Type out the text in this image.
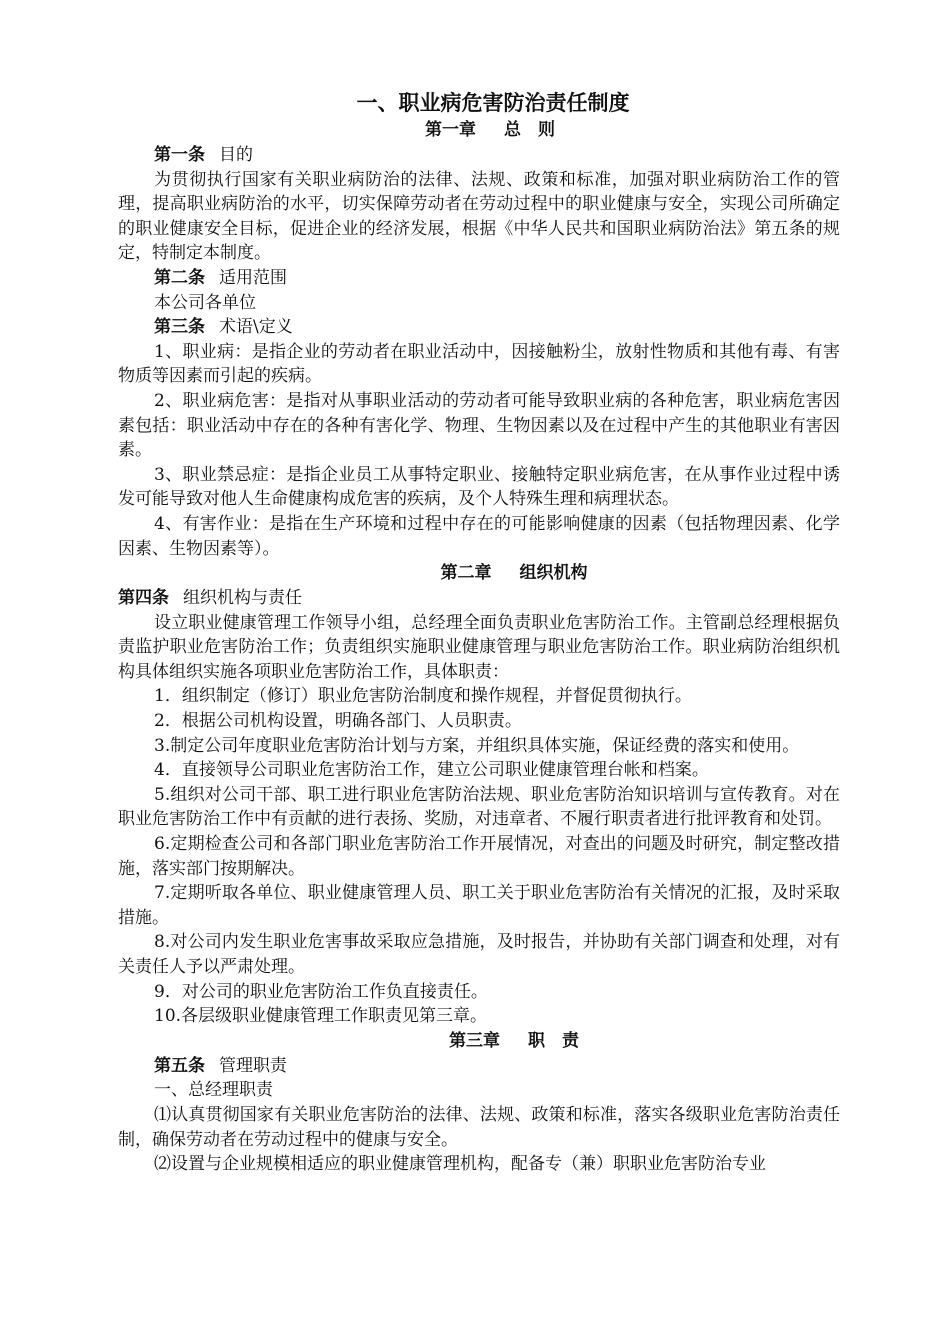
一、职业病危害防治责任制度
第一章 总　则

第一条 目的

为贯彻执行国家有关职业病防治的法律、法规、政策和标准，加强对职业病防治工作的管理，提高职业病防治的水平，切实保障劳动者在劳动过程中的职业健康与安全，实现公司所确定的职业健康安全目标，促进企业的经济发展，根据《中华人民共和国职业病防治法》第五条的规定，特制定本制度。

第二条 适用范围

本公司各单位

第三条 术语\定义

1、职业病：是指企业的劳动者在职业活动中，因接触粉尘，放射性物质和其他有毒、有害物质等因素而引起的疾病。

2、职业病危害：是指对从事职业活动的劳动者可能导致职业病的各种危害，职业病危害因素包括：职业活动中存在的各种有害化学、物理、生物因素以及在过程中产生的其他职业有害因素。

3、职业禁忌症：是指企业员工从事特定职业、接触特定职业病危害，在从事作业过程中诱发可能导致对他人生命健康构成危害的疾病，及个人特殊生理和病理状态。

4、有害作业：是指在生产环境和过程中存在的可能影响健康的因素（包括物理因素、化学因素、生物因素等）。

第二章 组织机构

第四条 组织机构与责任

设立职业健康管理工作领导小组，总经理全面负责职业危害防治工作。主管副总经理根据负责监护职业危害防治工作；负责组织实施职业健康管理与职业危害防治工作。职业病防治组织机构具体组织实施各项职业危害防治工作，具体职责：

1．组织制定（修订）职业危害防治制度和操作规程，并督促贯彻执行。

2．根据公司机构设置，明确各部门、人员职责。

3.制定公司年度职业危害防治计划与方案，并组织具体实施，保证经费的落实和使用。

4．直接领导公司职业危害防治工作，建立公司职业健康管理台帐和档案。

5.组织对公司干部、职工进行职业危害防治法规、职业危害防治知识培训与宣传教育。对在职业危害防治工作中有贡献的进行表扬、奖励，对违章者、不履行职责者进行批评教育和处罚。

6.定期检查公司和各部门职业危害防治工作开展情况，对查出的问题及时研究，制定整改措施，落实部门按期解决。

7.定期听取各单位、职业健康管理人员、职工关于职业危害防治有关情况的汇报，及时采取措施。

8.对公司内发生职业危害事故采取应急措施，及时报告，并协助有关部门调查和处理，对有关责任人予以严肃处理。

9．对公司的职业危害防治工作负直接责任。

10.各层级职业健康管理工作职责见第三章。

第三章 职　责

第五条 管理职责

一、总经理职责

⑴认真贯彻国家有关职业危害防治的法律、法规、政策和标准，落实各级职业危害防治责任制，确保劳动者在劳动过程中的健康与安全。

⑵设置与企业规模相适应的职业健康管理机构，配备专（兼）职职业危害防治专业
